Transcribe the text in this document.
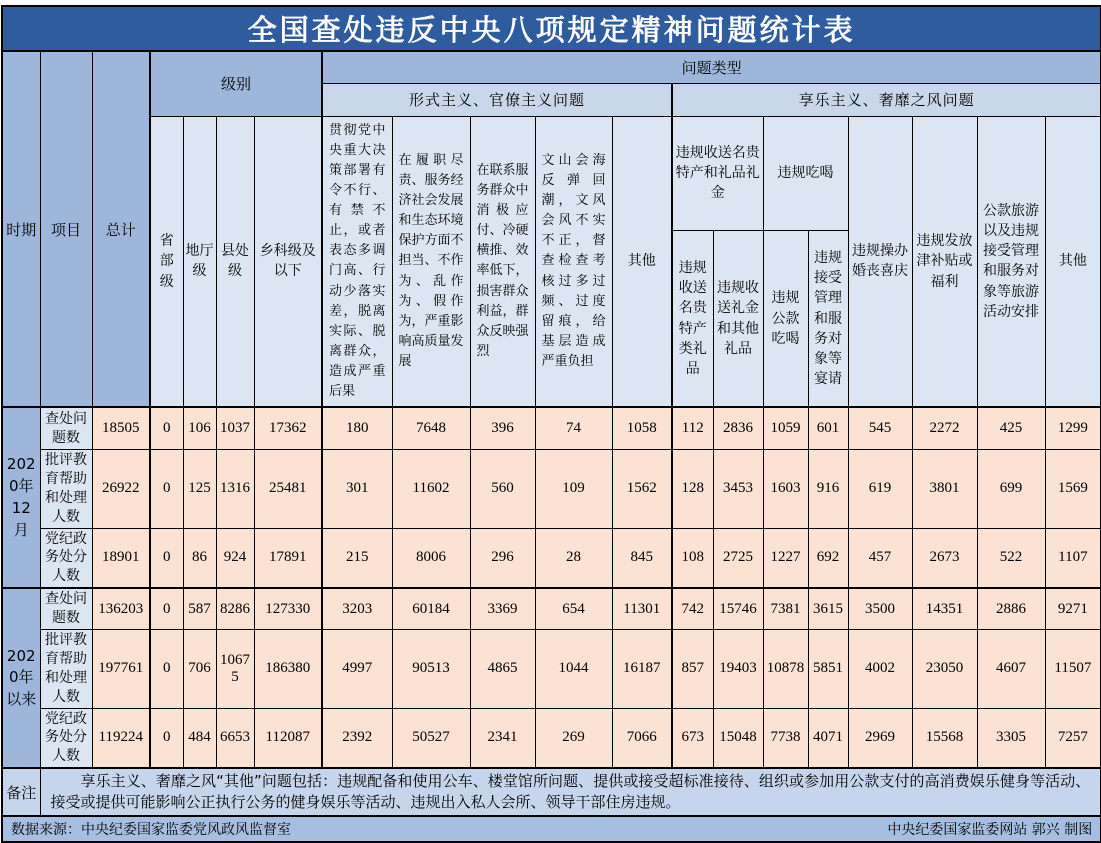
全国查处违反中央八项规定精神问题统计表																			
时期	项目	总计	级别				问题类型												
							形式主义、官僚主义问题					享乐主义、奢靡之风问题							
			省部级	地厅级	县处级	乡科级及以下	贯彻党中央重大决策部署有令不行、有禁不止，或者表态多调门高、行动少落实差，脱离实际、脱离群众，造成严重后果	在履职尽责、服务经济社会发展和生态环境保护方面不担当、不作为、乱作为、假作为，严重影响高质量发展	在联系服务群众中消极应付、冷硬横推、效率低下，损害群众利益，群众反映强烈	文山会海反弹回潮，文风会风不实不正，督查检查考核过多过频、过度留痕，给基层造成严重负担	其他	违规收送名贵特产和礼品礼金		违规吃喝		违规操办婚丧喜庆	违规发放津补贴或福利	公款旅游以及违规接受管理和服务对象等旅游活动安排	其他
												违规收送名贵特产类礼品	违规收送礼金和其他礼品	违规公款吃喝	违规接受管理和服务对象等宴请				
2020年12月	查处问题数	18505	0	106	1037	17362	180	7648	396	74	1058	112	2836	1059	601	545	2272	425	1299
	批评教育帮助和处理人数	26922	0	125	1316	25481	301	11602	560	109	1562	128	3453	1603	916	619	3801	699	1569
	党纪政务处分人数	18901	0	86	924	17891	215	8006	296	28	845	108	2725	1227	692	457	2673	522	1107
2020年以来	查处问题数	136203	0	587	8286	127330	3203	60184	3369	654	11301	742	15746	7381	3615	3500	14351	2886	9271
	批评教育帮助和处理人数	197761	0	706	10675	186380	4997	90513	4865	1044	16187	857	19403	10878	5851	4002	23050	4607	11507
	党纪政务处分人数	119224	0	484	6653	112087	2392	50527	2341	269	7066	673	15048	7738	4071	2969	15568	3305	7257
备注	享乐主义、奢靡之风“其他”问题包括：违规配备和使用公车、楼堂馆所问题、提供或接受超标准接待、组织或参加用公款支付的高消费娱乐健身等活动、接受或提供可能影响公正执行公务的健身娱乐等活动、违规出入私人会所、领导干部住房违规。																		

数据来源：中央纪委国家监委党风政风监督室 中央纪委国家监委网站 郭兴 制图																			
